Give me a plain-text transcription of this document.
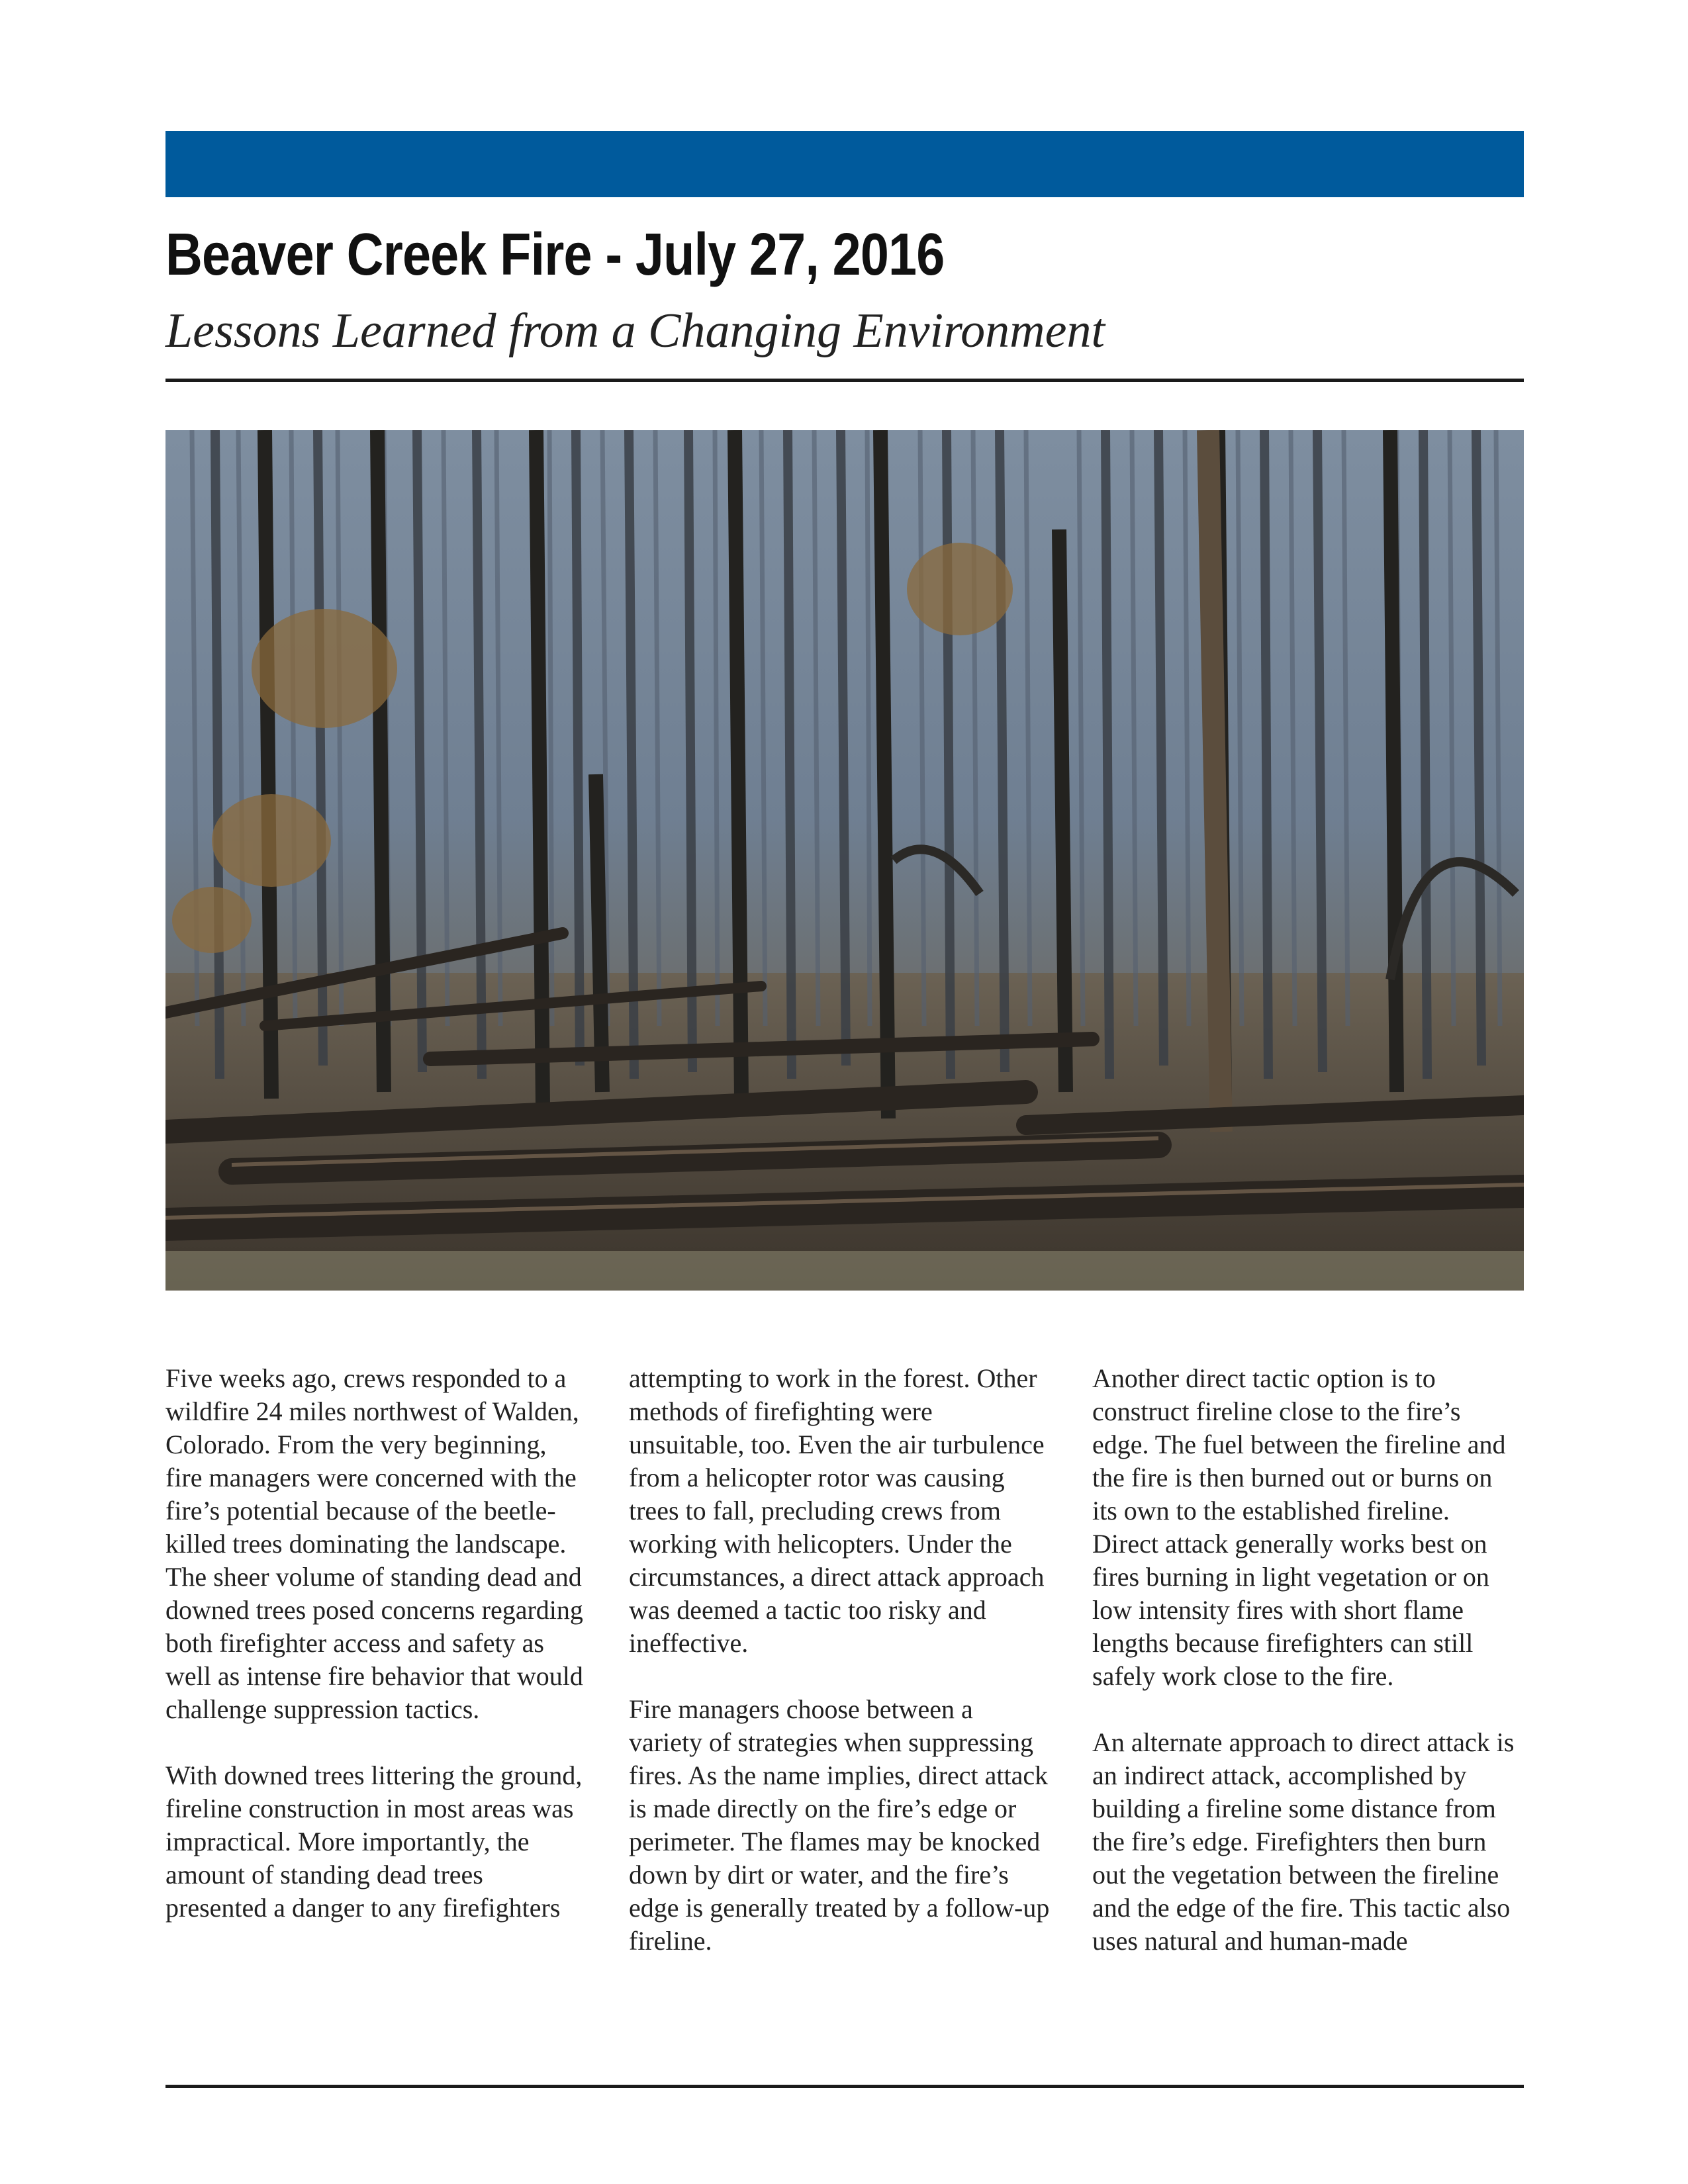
Beaver Creek Fire - July 27, 2016
Lessons Learned from a Changing Environment

Five weeks ago, crews responded to a wildfire 24 miles northwest of Walden, Colorado. From the very beginning, fire managers were concerned with the fire’s potential because of the beetle-killed trees dominating the landscape. The sheer volume of standing dead and downed trees posed concerns regarding both firefighter access and safety as well as intense fire behavior that would challenge suppression tactics.

With downed trees littering the ground, fireline construction in most areas was impractical. More importantly, the amount of standing dead trees presented a danger to any firefighters

attempting to work in the forest. Other methods of firefighting were unsuitable, too. Even the air turbulence from a helicopter rotor was causing trees to fall, precluding crews from working with helicopters. Under the circumstances, a direct attack approach was deemed a tactic too risky and ineffective.

Fire managers choose between a variety of strategies when suppressing fires. As the name implies, direct attack is made directly on the fire’s edge or perimeter. The flames may be knocked down by dirt or water, and the fire’s edge is generally treated by a follow-up fireline.

Another direct tactic option is to construct fireline close to the fire’s edge. The fuel between the fireline and the fire is then burned out or burns on its own to the established fireline. Direct attack generally works best on fires burning in light vegetation or on low intensity fires with short flame lengths because firefighters can still safely work close to the fire.

An alternate approach to direct attack is an indirect attack, accomplished by building a fireline some distance from the fire’s edge. Firefighters then burn out the vegetation between the fireline and the edge of the fire. This tactic also uses natural and human-made
